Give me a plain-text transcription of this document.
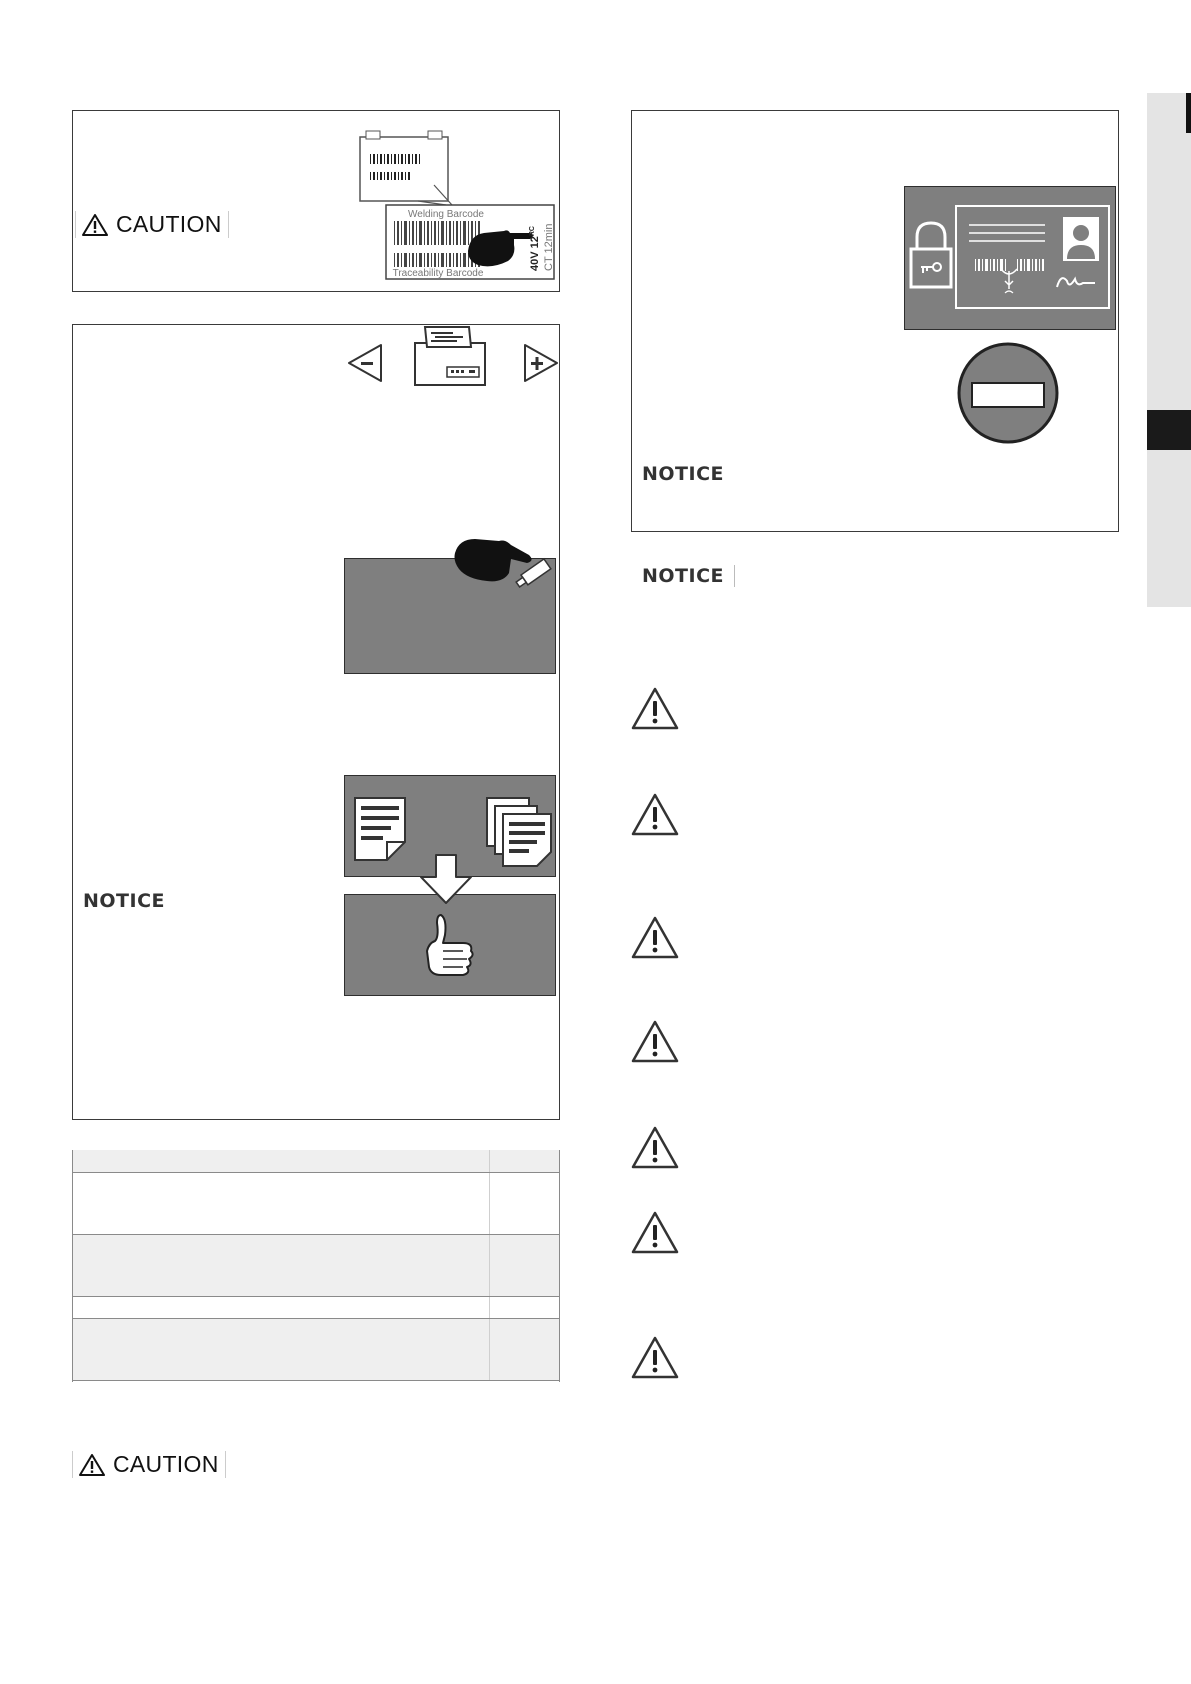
CAUTION	Welding Barcode
Traceability Barcode
40V $12^{RC}$ CT 12min
NOTICE

CAUTION
NOTICE
NOTICE
